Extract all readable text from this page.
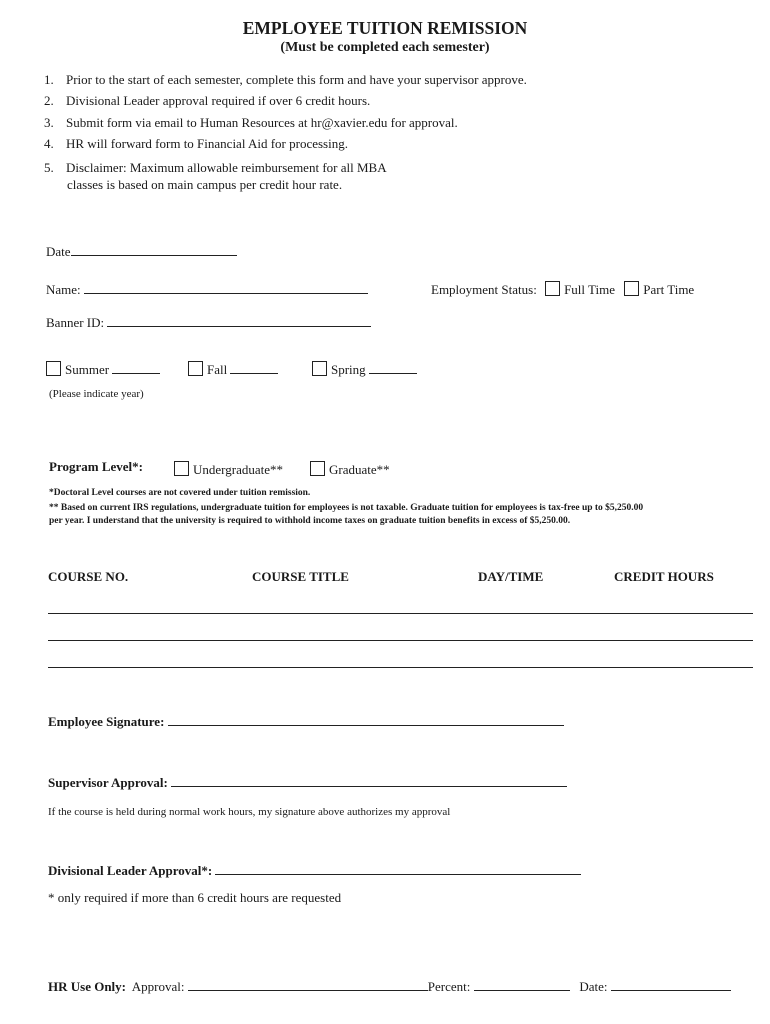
EMPLOYEE TUITION REMISSION
(Must be completed each semester)
1. Prior to the start of each semester, complete this form and have your supervisor approve.
2. Divisional Leader approval required if over 6 credit hours.
3. Submit form via email to Human Resources at hr@xavier.edu for approval.
4. HR will forward form to Financial Aid for processing.
5. Disclaimer: Maximum allowable reimbursement for all MBA
classes is based on main campus per credit hour rate.
Date
Name:	Employment Status: Full Time Part Time
Banner ID:
Summer	Fall	Spring
(Please indicate year)
Program Level*:	Undergraduate**	Graduate**
*Doctoral Level courses are not covered under tuition remission.
** Based on current IRS regulations, undergraduate tuition for employees is not taxable. Graduate tuition for employees is tax-free up to $5,250.00
per year. I understand that the university is required to withhold income taxes on graduate tuition benefits in excess of $5,250.00.
COURSE NO.	COURSE TITLE	DAY/TIME	CREDIT HOURS
Employee Signature:
Supervisor Approval:
If the course is held during normal work hours, my signature above authorizes my approval
Divisional Leader Approval*:
* only required if more than 6 credit hours are requested
HR Use Only: Approval:	Percent:	Date:
